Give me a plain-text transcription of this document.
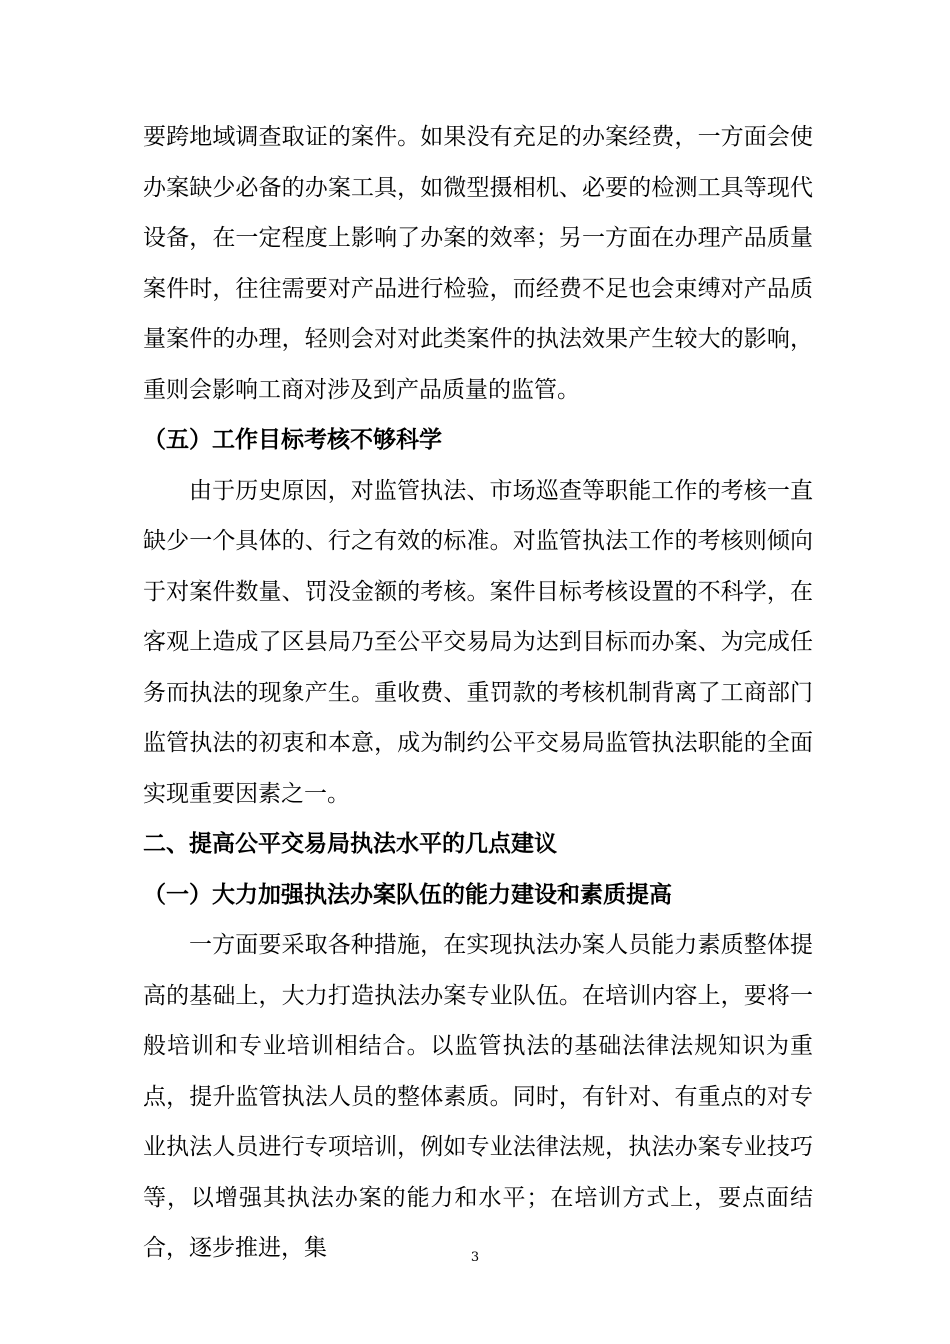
要跨地域调查取证的案件。如果没有充足的办案经费，一方面会使办案缺少必备的办案工具，如微型摄相机、必要的检测工具等现代设备，在一定程度上影响了办案的效率；另一方面在办理产品质量案件时，往往需要对产品进行检验，而经费不足也会束缚对产品质量案件的办理，轻则会对对此类案件的执法效果产生较大的影响，重则会影响工商对涉及到产品质量的监管。

（五）工作目标考核不够科学

由于历史原因，对监管执法、市场巡查等职能工作的考核一直缺少一个具体的、行之有效的标准。对监管执法工作的考核则倾向于对案件数量、罚没金额的考核。案件目标考核设置的不科学，在客观上造成了区县局乃至公平交易局为达到目标而办案、为完成任务而执法的现象产生。重收费、重罚款的考核机制背离了工商部门监管执法的初衷和本意，成为制约公平交易局监管执法职能的全面实现重要因素之一。

二、提高公平交易局执法水平的几点建议

（一）大力加强执法办案队伍的能力建设和素质提高

一方面要采取各种措施，在实现执法办案人员能力素质整体提高的基础上，大力打造执法办案专业队伍。在培训内容上，要将一般培训和专业培训相结合。以监管执法的基础法律法规知识为重点，提升监管执法人员的整体素质。同时，有针对、有重点的对专业执法人员进行专项培训，例如专业法律法规，执法办案专业技巧等，以增强其执法办案的能力和水平；在培训方式上，要点面结合，逐步推进，集	3
